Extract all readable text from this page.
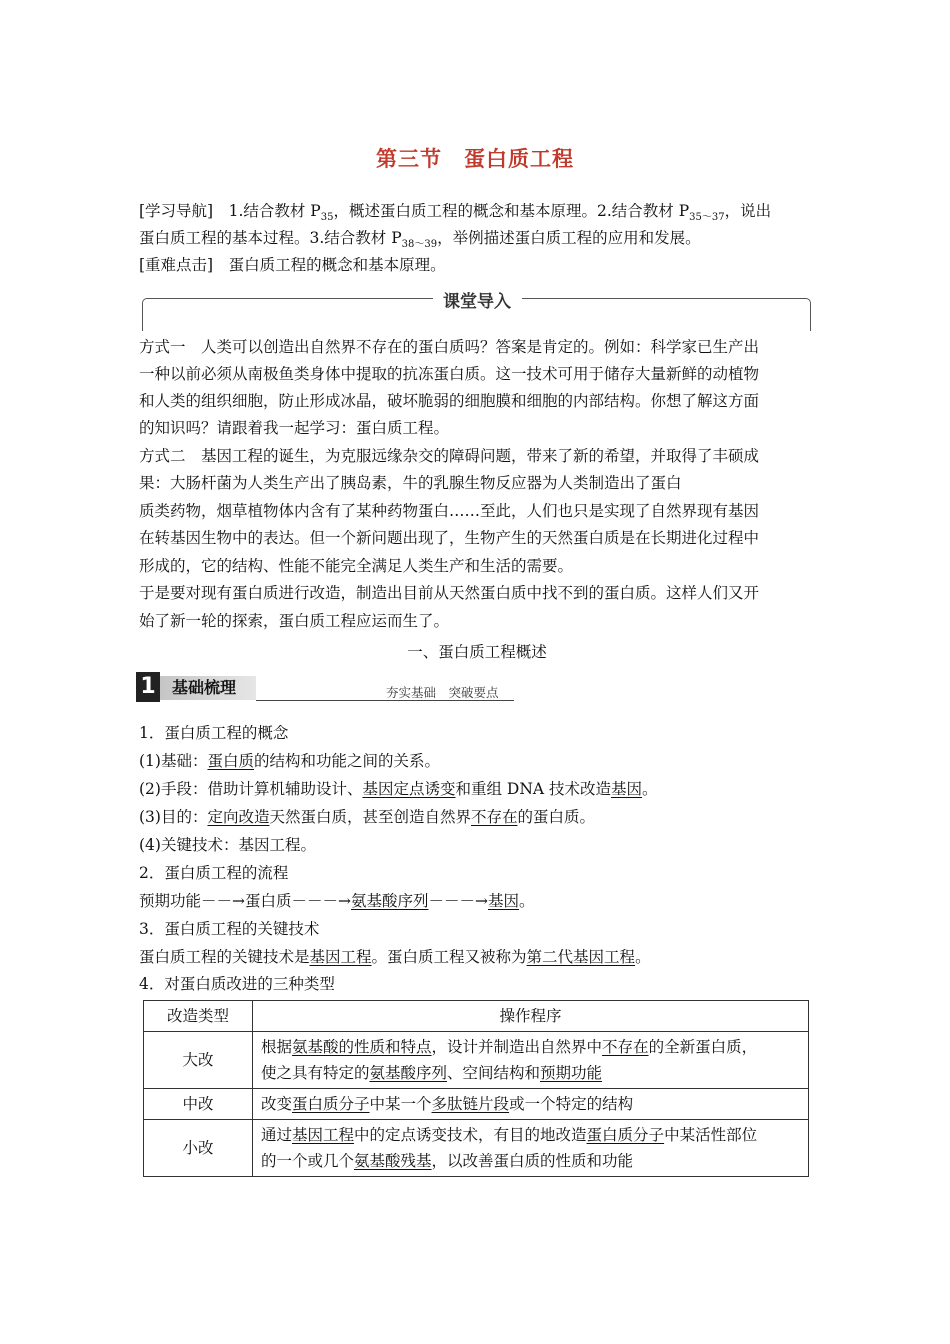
第三节　蛋白质工程
[学习导航]　1.结合教材 $P_{35}$，概述蛋白质工程的概念和基本原理。2.结合教材 $P_{35\sim 37}$，说出
蛋白质工程的基本过程。3.结合教材 $P_{38\sim 39}$，举例描述蛋白质工程的应用和发展。
[重难点击]　蛋白质工程的概念和基本原理。
课堂导入
方式一　人类可以创造出自然界不存在的蛋白质吗？答案是肯定的。例如：科学家已生产出
一种以前必须从南极鱼类身体中提取的抗冻蛋白质。这一技术可用于储存大量新鲜的动植物
和人类的组织细胞，防止形成冰晶，破坏脆弱的细胞膜和细胞的内部结构。你想了解这方面
的知识吗？请跟着我一起学习：蛋白质工程。
方式二　基因工程的诞生，为克服远缘杂交的障碍问题，带来了新的希望，并取得了丰硕成
果：大肠杆菌为人类生产出了胰岛素，牛的乳腺生物反应器为人类制造出了蛋白
质类药物，烟草植物体内含有了某种药物蛋白……至此，人们也只是实现了自然界现有基因
在转基因生物中的表达。但一个新问题出现了，生物产生的天然蛋白质是在长期进化过程中
形成的，它的结构、性能不能完全满足人类生产和生活的需要。
于是要对现有蛋白质进行改造，制造出目前从天然蛋白质中找不到的蛋白质。这样人们又开
始了新一轮的探索，蛋白质工程应运而生了。
一、蛋白质工程概述
1 基础梳理	夯实基础　突破要点
1．蛋白质工程的概念
(1)基础：蛋白质的结构和功能之间的关系。
(2)手段：借助计算机辅助设计、基因定点诱变和重组 DNA 技术改造基因。
(3)目的：定向改造天然蛋白质，甚至创造自然界不存在的蛋白质。
(4)关键技术：基因工程。
2．蛋白质工程的流程
预期功能－－→蛋白质－－－→氨基酸序列－－－→基因。
3．蛋白质工程的关键技术
蛋白质工程的关键技术是基因工程。蛋白质工程又被称为第二代基因工程。
4．对蛋白质改进的三种类型
改造类型	操作程序
大改	根据氨基酸的性质和特点，设计并制造出自然界中不存在的全新蛋白质，
使之具有特定的氨基酸序列、空间结构和预期功能
中改	改变蛋白质分子中某一个多肽链片段或一个特定的结构
小改	通过基因工程中的定点诱变技术，有目的地改造蛋白质分子中某活性部位
的一个或几个氨基酸残基，以改善蛋白质的性质和功能
